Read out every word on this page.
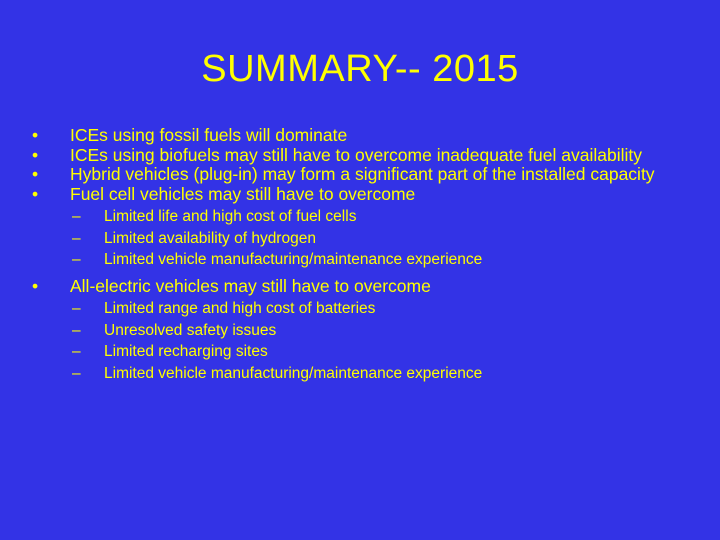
SUMMARY-- 2015
• ICEs using fossil fuels will dominate
• ICEs using biofuels may still have to overcome inadequate fuel availability
• Hybrid vehicles (plug-in) may form a significant part of the installed capacity
• Fuel cell vehicles may still have to overcome
– Limited life and high cost of fuel cells
– Limited availability of hydrogen
– Limited vehicle manufacturing/maintenance experience
• All-electric vehicles may still have to overcome
– Limited range and high cost of batteries
– Unresolved safety issues
– Limited recharging sites
– Limited vehicle manufacturing/maintenance experience
